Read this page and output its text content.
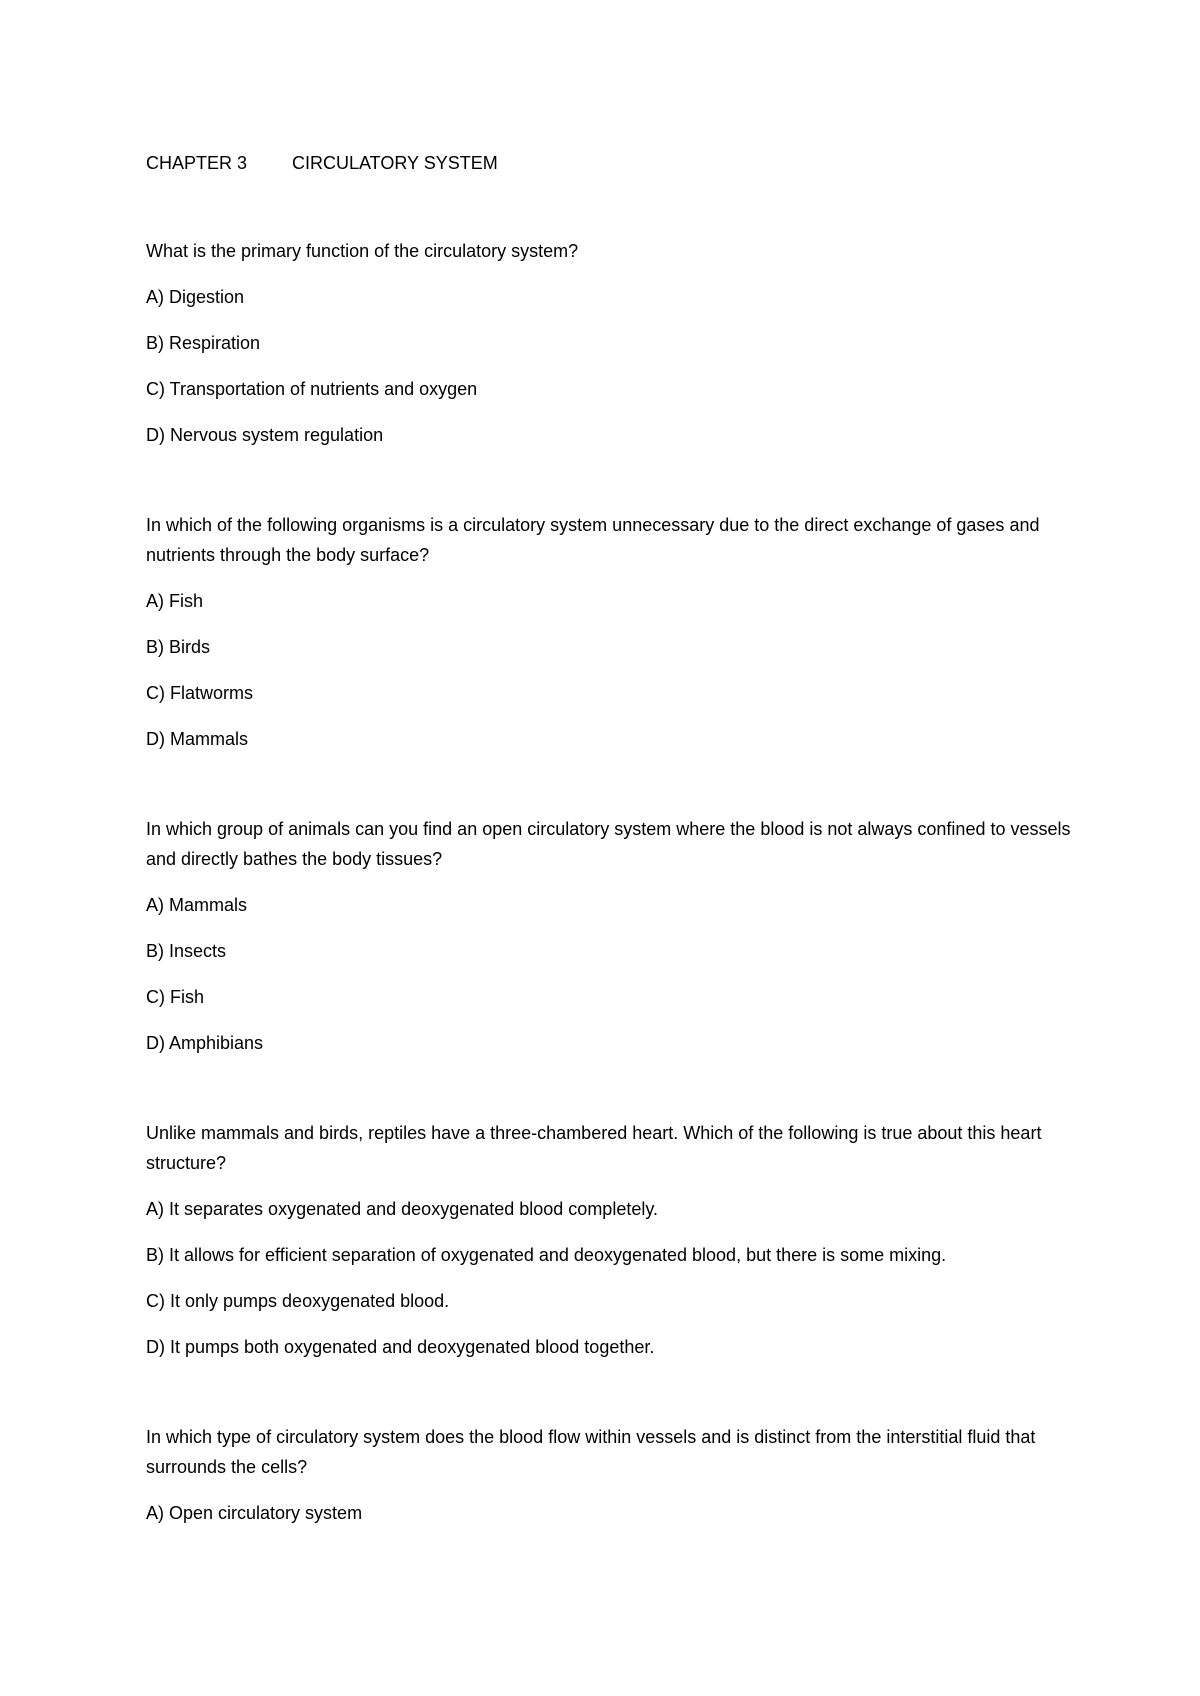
CHAPTER 3 CIRCULATORY SYSTEM

What is the primary function of the circulatory system?

A) Digestion

B) Respiration

C) Transportation of nutrients and oxygen

D) Nervous system regulation

In which of the following organisms is a circulatory system unnecessary due to the direct exchange of gases and nutrients through the body surface?

A) Fish

B) Birds

C) Flatworms

D) Mammals

In which group of animals can you find an open circulatory system where the blood is not always confined to vessels and directly bathes the body tissues?

A) Mammals

B) Insects

C) Fish

D) Amphibians

Unlike mammals and birds, reptiles have a three-chambered heart. Which of the following is true about this heart structure?

A) It separates oxygenated and deoxygenated blood completely.

B) It allows for efficient separation of oxygenated and deoxygenated blood, but there is some mixing.

C) It only pumps deoxygenated blood.

D) It pumps both oxygenated and deoxygenated blood together.

In which type of circulatory system does the blood flow within vessels and is distinct from the interstitial fluid that surrounds the cells?

A) Open circulatory system
